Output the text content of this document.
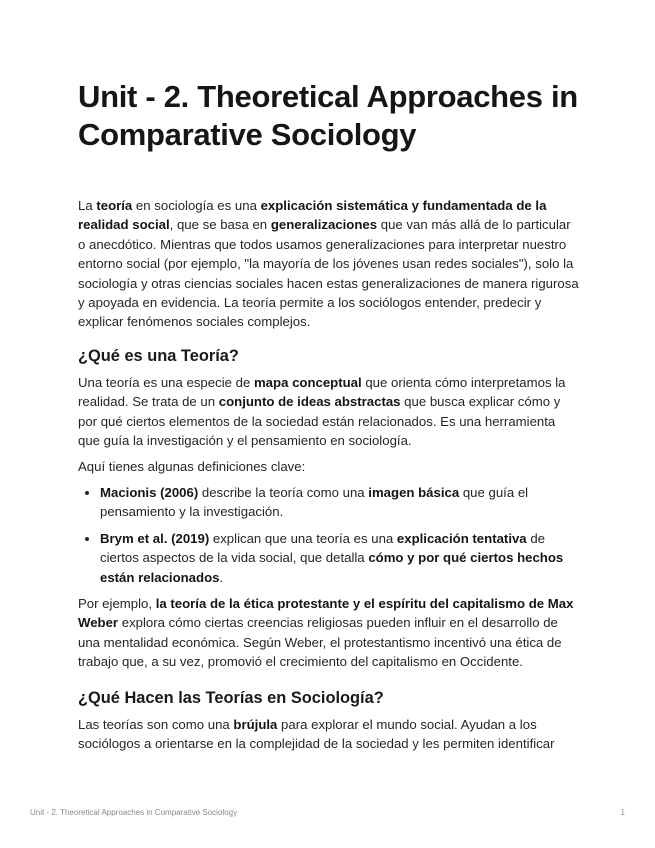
Unit - 2. Theoretical Approaches in Comparative Sociology

La teoría en sociología es una explicación sistemática y fundamentada de la realidad social, que se basa en generalizaciones que van más allá de lo particular o anecdótico. Mientras que todos usamos generalizaciones para interpretar nuestro entorno social (por ejemplo, "la mayoría de los jóvenes usan redes sociales"), solo la sociología y otras ciencias sociales hacen estas generalizaciones de manera rigurosa y apoyada en evidencia. La teoría permite a los sociólogos entender, predecir y explicar fenómenos sociales complejos.

¿Qué es una Teoría?

Una teoría es una especie de mapa conceptual que orienta cómo interpretamos la realidad. Se trata de un conjunto de ideas abstractas que busca explicar cómo y por qué ciertos elementos de la sociedad están relacionados. Es una herramienta que guía la investigación y el pensamiento en sociología.

Aquí tienes algunas definiciones clave:

• Macionis (2006) describe la teoría como una imagen básica que guía el pensamiento y la investigación.
• Brym et al. (2019) explican que una teoría es una explicación tentativa de ciertos aspectos de la vida social, que detalla cómo y por qué ciertos hechos están relacionados.

Por ejemplo, la teoría de la ética protestante y el espíritu del capitalismo de Max Weber explora cómo ciertas creencias religiosas pueden influir en el desarrollo de una mentalidad económica. Según Weber, el protestantismo incentivó una ética de trabajo que, a su vez, promovió el crecimiento del capitalismo en Occidente.

¿Qué Hacen las Teorías en Sociología?

Las teorías son como una brújula para explorar el mundo social. Ayudan a los sociólogos a orientarse en la complejidad de la sociedad y les permiten identificar

Unit - 2. Theoretical Approaches in Comparative Sociology	1
